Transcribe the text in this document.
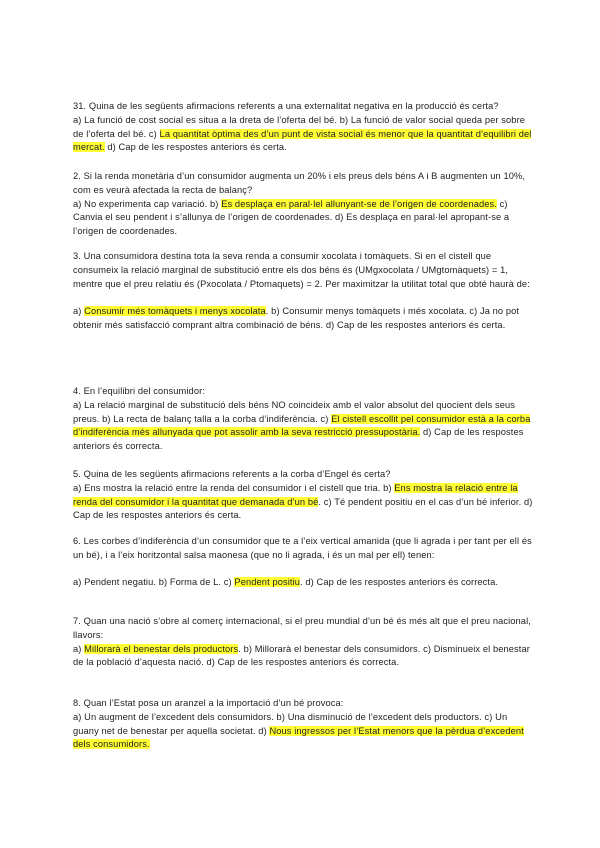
31. Quina de les següents afirmacions referents a una externalitat negativa en la producció és certa?

a) La funció de cost social es situa a la dreta de l’oferta del bé. b) La funció de valor social queda per sobre de l’oferta del bé. c) La quantitat òptima des d’un punt de vista social és menor que la quantitat d’equilibri del mercat. d) Cap de les respostes anteriors és certa.

2. Si la renda monetària d’un consumidor augmenta un 20% i els preus dels béns A i B augmenten un 10%, com es veurà afectada la recta de balanç?

a) No experimenta cap variació. b) Es desplaça en paral·lel allunyant-se de l’origen de coordenades. c) Canvia el seu pendent i s’allunya de l’origen de coordenades. d) Es desplaça en paral·lel apropant-se a l’origen de coordenades.

3. Una consumidora destina tota la seva renda a consumir xocolata i tomàquets. Si en el cistell que consumeix la relació marginal de substitució entre els dos béns és (UMgxocolata / UMgtomàquets) = 1, mentre que el preu relatiu és (Pxocolata / Ptomaquets) = 2. Per maximitzar la utilitat total que obté haurà de:

a) Consumir més tomàquets i menys xocolata. b) Consumir menys tomàquets i més xocolata. c) Ja no pot obtenir més satisfacció comprant altra combinació de béns. d) Cap de les respostes anteriors és certa.

4. En l’equilibri del consumidor:

a) La relació marginal de substitució dels béns NO coincideix amb el valor absolut del quocient dels seus preus. b) La recta de balanç talla a la corba d’indiferència. c) El cistell escollit pel consumidor està a la corba d’indiferència més allunyada que pot assolir amb la seva restricció pressupostària. d) Cap de les respostes anteriors és correcta.

5. Quina de les següents afirmacions referents a la corba d’Engel és certa?

a) Ens mostra la relació entre la renda del consumidor i el cistell que tria. b) Ens mostra la relació entre la renda del consumidor i la quantitat que demanada d’un bé. c) Té pendent positiu en el cas d’un bé inferior. d) Cap de les respostes anteriors és certa.

6. Les corbes d’indiferència d’un consumidor que te a l’eix vertical amanida (que li agrada i per tant per ell és un bé), i a l’eix horitzontal salsa maonesa (que no li agrada, i és un mal per ell) tenen:

a) Pendent negatiu. b) Forma de L. c) Pendent positiu. d) Cap de les respostes anteriors és correcta.

7. Quan una nació s’obre al comerç internacional, si el preu mundial d’un bé és més alt que el preu nacional, llavors:

a) Millorarà el benestar dels productors. b) Millorarà el benestar dels consumidors. c) Disminueix el benestar de la població d’aquesta nació. d) Cap de les respostes anteriors és correcta.

8. Quan l’Estat posa un aranzel a la importació d’un bé provoca:

a) Un augment de l’excedent dels consumidors. b) Una disminució de l’excedent dels productors. c) Un guany net de benestar per aquella societat. d) Nous ingressos per l’Estat menors que la pèrdua d’excedent dels consumidors.
